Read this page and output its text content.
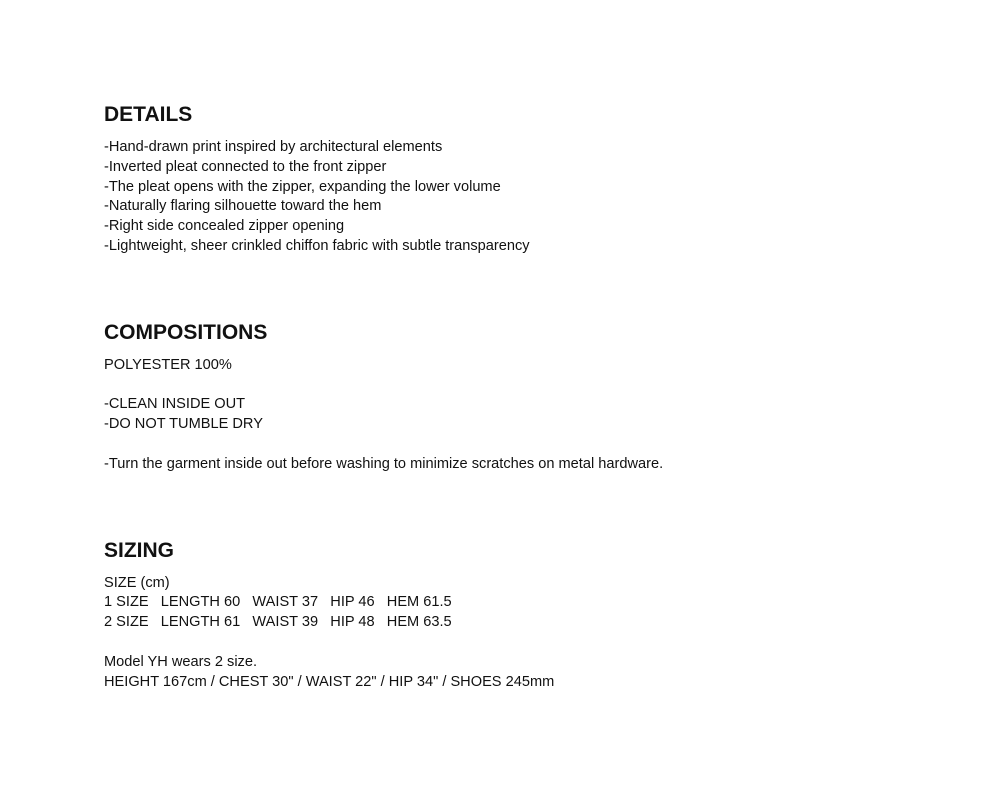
DETAILS

-Hand-drawn print inspired by architectural elements

-Inverted pleat connected to the front zipper

-The pleat opens with the zipper, expanding the lower volume

-Naturally flaring silhouette toward the hem

-Right side concealed zipper opening

-Lightweight, sheer crinkled chiffon fabric with subtle transparency

COMPOSITIONS

POLYESTER 100%

-CLEAN INSIDE OUT

-DO NOT TUMBLE DRY

-Turn the garment inside out before washing to minimize scratches on metal hardware.

SIZING

SIZE (cm)

1 SIZE   LENGTH 60   WAIST 37   HIP 46   HEM 61.5

2 SIZE   LENGTH 61   WAIST 39   HIP 48   HEM 63.5

Model YH wears 2 size.

HEIGHT 167cm / CHEST 30" / WAIST 22" / HIP 34" / SHOES 245mm
